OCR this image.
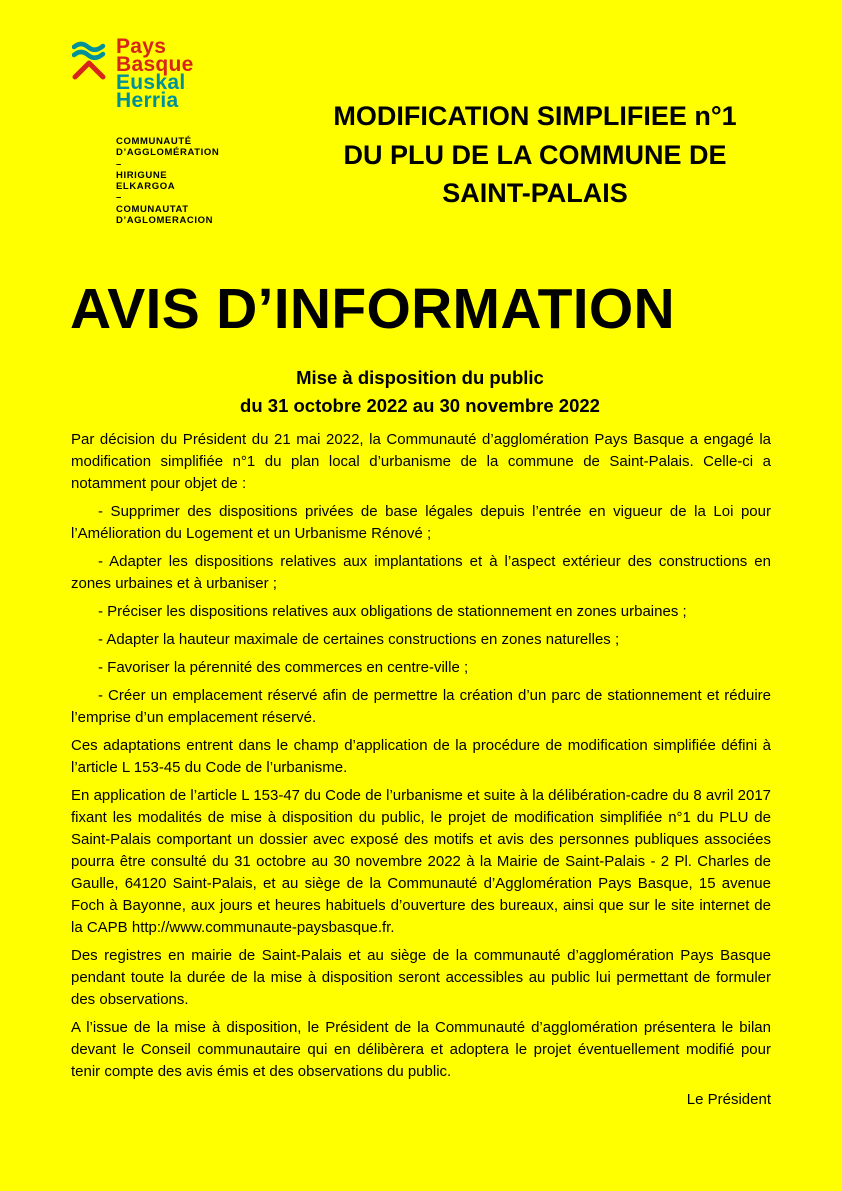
Pays
Basque
Euskal
Herria
COMMUNAUTÉ
D’AGGLOMÉRATION
–
HIRIGUNE
ELKARGOA
–
COMUNAUTAT
D’AGLOMERACION
MODIFICATION SIMPLIFIEE n°1
DU PLU DE LA COMMUNE DE
SAINT-PALAIS
AVIS D’INFORMATION
Mise à disposition du public
du 31 octobre 2022 au 30 novembre 2022

Par décision du Président du 21 mai 2022, la Communauté d’agglomération Pays Basque a engagé la modification simplifiée n°1 du plan local d’urbanisme de la commune de Saint-Palais. Celle-ci a notamment pour objet de :

- Supprimer des dispositions privées de base légales depuis l’entrée en vigueur de la Loi pour l’Amélioration du Logement et un Urbanisme Rénové ;

- Adapter les dispositions relatives aux implantations et à l’aspect extérieur des constructions en zones urbaines et à urbaniser ;

- Préciser les dispositions relatives aux obligations de stationnement en zones urbaines ;

- Adapter la hauteur maximale de certaines constructions en zones naturelles ;

- Favoriser la pérennité des commerces en centre-ville ;

- Créer un emplacement réservé afin de permettre la création d’un parc de stationnement et réduire l’emprise d’un emplacement réservé.

Ces adaptations entrent dans le champ d’application de la procédure de modification simplifiée défini à l’article L 153-45 du Code de l’urbanisme.

En application de l’article L 153-47 du Code de l’urbanisme et suite à la délibération-cadre du 8 avril 2017 fixant les modalités de mise à disposition du public, le projet de modification simplifiée n°1 du PLU de Saint-Palais comportant un dossier avec exposé des motifs et avis des personnes publiques associées pourra être consulté du 31 octobre au 30 novembre 2022 à la Mairie de Saint-Palais - 2 Pl. Charles de Gaulle, 64120 Saint-Palais, et au siège de la Communauté d’Agglomération Pays Basque, 15 avenue Foch à Bayonne, aux jours et heures habituels d’ouverture des bureaux, ainsi que sur le site internet de la CAPB http://www.communaute-paysbasque.fr.

Des registres en mairie de Saint-Palais et au siège de la communauté d’agglomération Pays Basque pendant toute la durée de la mise à disposition seront accessibles au public lui permettant de formuler des observations.

A l’issue de la mise à disposition, le Président de la Communauté d’agglomération présentera le bilan devant le Conseil communautaire qui en délibèrera et adoptera le projet éventuellement modifié pour tenir compte des avis émis et des observations du public.

Le Président
